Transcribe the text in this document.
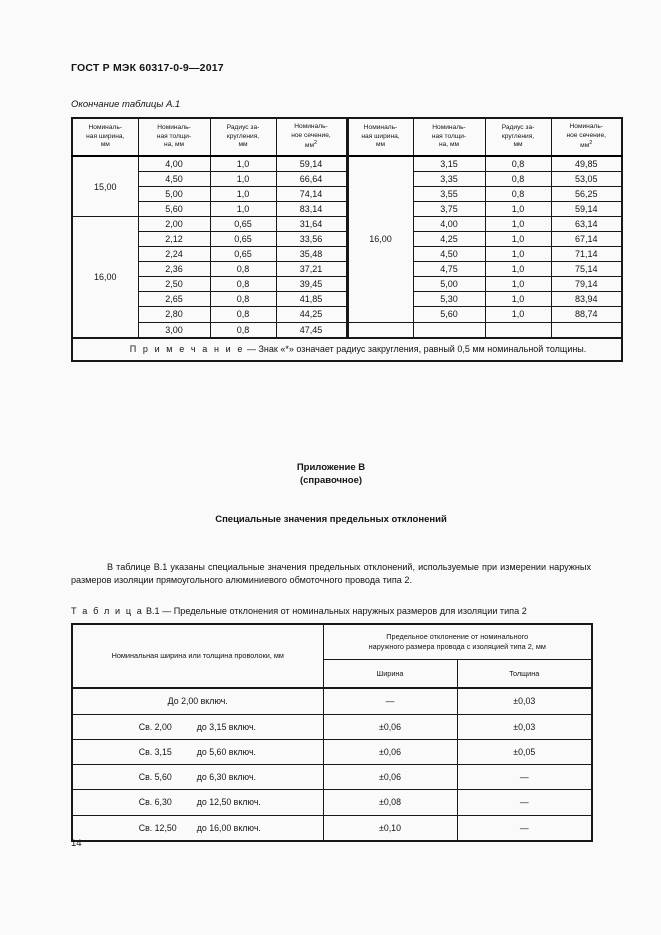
ГОСТ Р МЭК 60317-0-9—2017
Окончание таблицы А.1
Номиналь-
ная ширина,
мм	Номиналь-
ная толщи-
на, мм	Радиус за-
кругления,
мм	Номиналь-
ное сечение,
$мм^2$	Номиналь-
ная ширина,
мм	Номиналь-
ная толщи-
на, мм	Радиус за-
кругления,
мм	Номиналь-
ное сечение,
$мм^2$
15,00	4,00	1,0	59,14	16,00	3,15	0,8	49,85
	4,50	1,0	66,64		3,35	0,8	53,05
	5,00	1,0	74,14		3,55	0,8	56,25
	5,60	1,0	83,14		3,75	1,0	59,14
16,00	2,00	0,65	31,64		4,00	1,0	63,14
	2,12	0,65	33,56		4,25	1,0	67,14
	2,24	0,65	35,48		4,50	1,0	71,14
	2,36	0,8	37,21		4,75	1,0	75,14
	2,50	0,8	39,45		5,00	1,0	79,14
	2,65	0,8	41,85		5,30	1,0	83,94
	2,80	0,8	44,25		5,60	1,0	88,74
	3,00	0,8	47,45				
П р и м е ч а н и е — Знак «*» означает радиус закругления, равный 0,5 мм номинальной толщины.							
Приложение В
(справочное)
Специальные значения предельных отклонений
В таблице В.1 указаны специальные значения предельных отклонений, используемые при измерении наружных размеров изоляции прямоугольного алюминиевого обмоточного провода типа 2.
Т а б л и ц а В.1 — Предельные отклонения от номинальных наружных размеров для изоляции типа 2
Номинальная ширина или толщина проволоки, мм	Предельное отклонение от номинального
наружного размера провода с изоляцией типа 2, мм	
	Ширина	Толщина
До 2,00 включ.	—	±0,03
Св. 2,00 до 3,15 включ.	±0,06	±0,03
Св. 3,15 до 5,60 включ.	±0,06	±0,05
Св. 5,60 до 6,30 включ.	±0,06	—
Св. 6,30 до 12,50 включ.	±0,08	—
Св. 12,50 до 16,00 включ.	±0,10	—
14
